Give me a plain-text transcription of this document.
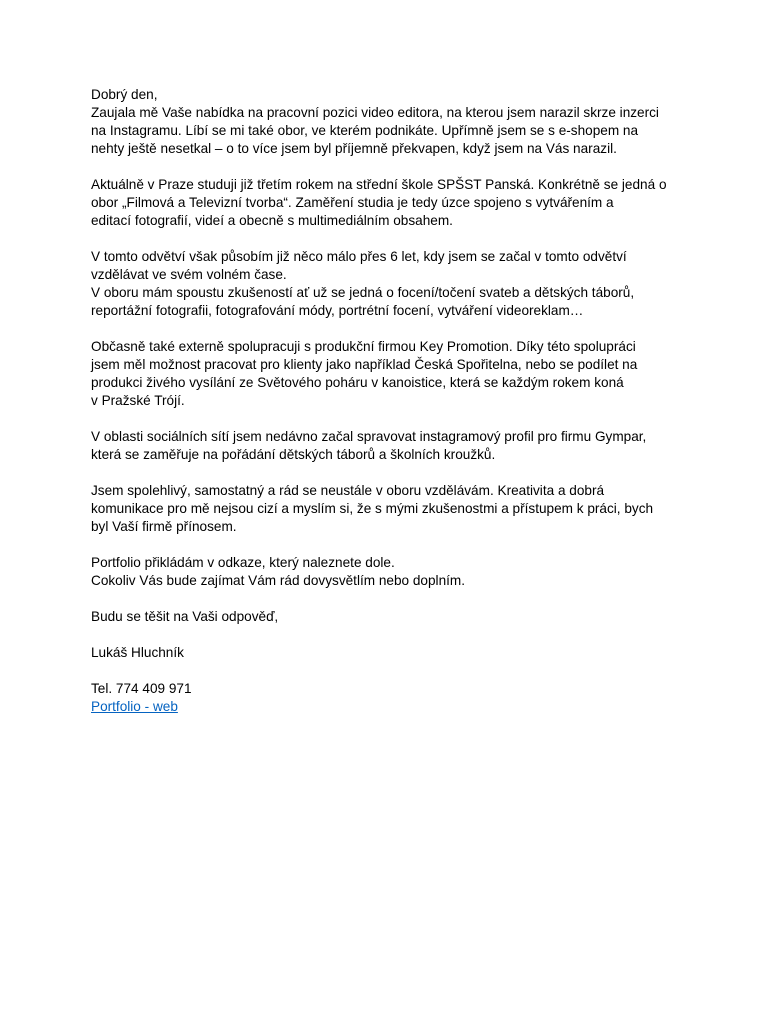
Dobrý den,
Zaujala mě Vaše nabídka na pracovní pozici video editora, na kterou jsem narazil skrze inzerci
na Instagramu. Líbí se mi také obor, ve kterém podnikáte. Upřímně jsem se s e-shopem na
nehty ještě nesetkal – o to více jsem byl příjemně překvapen, když jsem na Vás narazil.
Aktuálně v Praze studuji již třetím rokem na střední škole SPŠST Panská. Konkrétně se jedná o
obor „Filmová a Televizní tvorba“. Zaměření studia je tedy úzce spojeno s vytvářením a
editací fotografií, videí a obecně s multimediálním obsahem.
V tomto odvětví však působím již něco málo přes 6 let, kdy jsem se začal v tomto odvětví
vzdělávat ve svém volném čase.
V oboru mám spoustu zkušeností ať už se jedná o focení/točení svateb a dětských táborů,
reportážní fotografii, fotografování módy, portrétní focení, vytváření videoreklam…
Občasně také externě spolupracuji s produkční firmou Key Promotion. Díky této spolupráci
jsem měl možnost pracovat pro klienty jako například Česká Spořitelna, nebo se podílet na
produkci živého vysílání ze Světového poháru v kanoistice, která se každým rokem koná
v Pražské Trójí.
V oblasti sociálních sítí jsem nedávno začal spravovat instagramový profil pro firmu Gympar,
která se zaměřuje na pořádání dětských táborů a školních kroužků.
Jsem spolehlivý, samostatný a rád se neustále v oboru vzdělávám. Kreativita a dobrá
komunikace pro mě nejsou cizí a myslím si, že s mými zkušenostmi a přístupem k práci, bych
byl Vaší firmě přínosem.
Portfolio přikládám v odkaze, který naleznete dole.
Cokoliv Vás bude zajímat Vám rád dovysvětlím nebo doplním.
Budu se těšit na Vaši odpověď,
Lukáš Hluchník
Tel. 774 409 971
Portfolio - web
